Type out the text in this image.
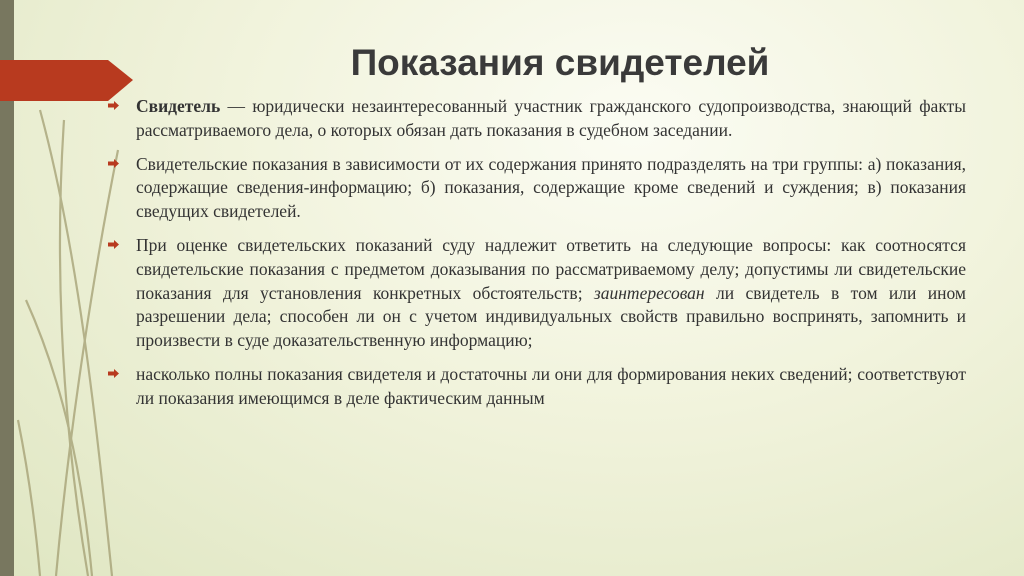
Показания свидетелей
Свидетель — юридически незаинтересованный участник гражданского судопроизводства, знающий факты рассматриваемого дела, о которых обязан дать показания в судебном заседании.
Свидетельские показания в зависимости от их содержания принято подразделять на три группы: а) показания, содержащие сведения-информацию; б) показания, содержащие кроме сведений и суждения; в) показания сведущих свидетелей.
При оценке свидетельских показаний суду надлежит ответить на следующие вопросы: как соотносятся свидетельские показания с предметом доказывания по рассматриваемому делу; допустимы ли свидетельские показания для установления конкретных обстоятельств; заинтересован ли свидетель в том или ином разрешении дела; способен ли он с учетом индивидуальных свойств правильно воспринять, запомнить и произвести в суде доказательственную информацию;
насколько полны показания свидетеля и достаточны ли они для формирования неких сведений; соответствуют ли показания имеющимся в деле фактическим данным
